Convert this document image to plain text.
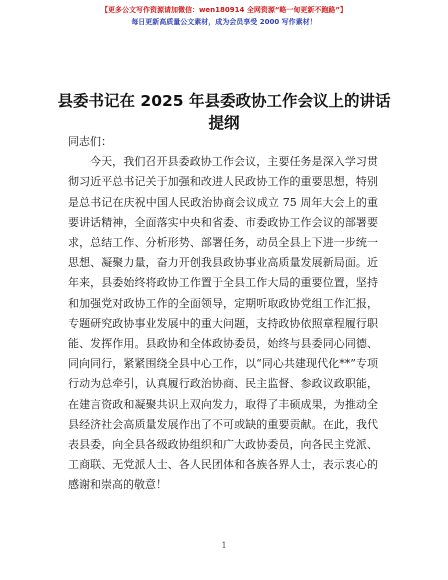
【更多公文写作资源请加微信：wen180914 全网资源“略一甸更新不跑路”】
每日更新高质量公文素材，成为会员享受 2000 写作素材！
县委书记在 2025 年县委政协工作会议上的讲话
提纲

同志们：

今天，我们召开县委政协工作会议，主要任务是深入学习贯彻习近平总书记关于加强和改进人民政协工作的重要思想，特别是总书记在庆祝中国人民政治协商会议成立 75 周年大会上的重要讲话精神，全面落实中央和省委、市委政协工作会议的部署要求，总结工作、分析形势、部署任务，动员全县上下进一步统一思想、凝聚力量，奋力开创我县政协事业高质量发展新局面。近年来，县委始终将政协工作置于全县工作大局的重要位置，坚持和加强党对政协工作的全面领导，定期听取政协党组工作汇报，专题研究政协事业发展中的重大问题，支持政协依照章程履行职能、发挥作用。县政协和全体政协委员，始终与县委同心同德、同向同行，紧紧围绕全县中心工作，以“同心共建现代化**”专项行动为总牵引，认真履行政治协商、民主监督、参政议政职能，在建言资政和凝聚共识上双向发力，取得了丰硕成果，为推动全县经济社会高质量发展作出了不可或缺的重要贡献。在此，我代表县委，向全县各级政协组织和广大政协委员，向各民主党派、工商联、无党派人士、各人民团体和各族各界人士，表示衷心的感谢和崇高的敬意！

1
